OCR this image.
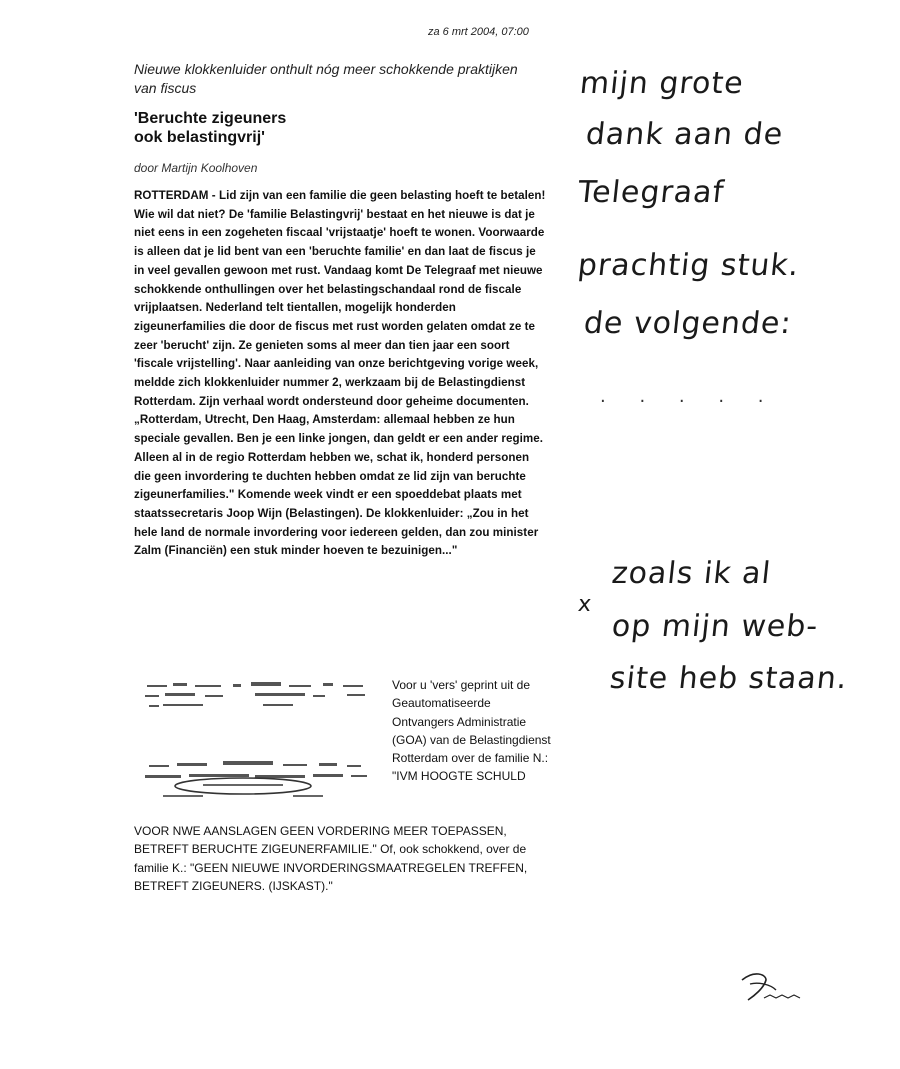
za 6 mrt 2004, 07:00
Nieuwe klokkenluider onthult nóg meer schokkende praktijken van fiscus
'Beruchte zigeuners
ook belastingvrij'
door Martijn Koolhoven
ROTTERDAM - Lid zijn van een familie die geen belasting hoeft te betalen! Wie wil dat niet? De 'familie Belastingvrij' bestaat en het nieuwe is dat je niet eens in een zogeheten fiscaal 'vrijstaatje' hoeft te wonen. Voorwaarde is alleen dat je lid bent van een 'beruchte familie' en dan laat de fiscus je in veel gevallen gewoon met rust. Vandaag komt De Telegraaf met nieuwe schokkende onthullingen over het belastingschandaal rond de fiscale vrijplaatsen. Nederland telt tientallen, mogelijk honderden zigeunerfamilies die door de fiscus met rust worden gelaten omdat ze te zeer 'berucht' zijn. Ze genieten soms al meer dan tien jaar een soort 'fiscale vrijstelling'. Naar aanleiding van onze berichtgeving vorige week, meldde zich klokkenluider nummer 2, werkzaam bij de Belastingdienst Rotterdam. Zijn verhaal wordt ondersteund door geheime documenten. „Rotterdam, Utrecht, Den Haag, Amsterdam: allemaal hebben ze hun speciale gevallen. Ben je een linke jongen, dan geldt er een ander regime. Alleen al in de regio Rotterdam hebben we, schat ik, honderd personen die geen invordering te duchten hebben omdat ze lid zijn van beruchte zigeunerfamilies." Komende week vindt er een spoeddebat plaats met staatssecretaris Joop Wijn (Belastingen). De klokkenluider: „Zou in het hele land de normale invordering voor iedereen gelden, dan zou minister Zalm (Financiën) een stuk minder hoeven te bezuinigen..."
Voor u 'vers' geprint uit de Geautomatiseerde Ontvangers Administratie (GOA) van de Belastingdienst Rotterdam over de familie N.: "IVM HOOGTE SCHULD
VOOR NWE AANSLAGEN GEEN VORDERING MEER TOEPASSEN, BETREFT BERUCHTE ZIGEUNERFAMILIE." Of, ook schokkend, over de familie K.: "GEEN NIEUWE INVORDERINGSMAATREGELEN TREFFEN, BETREFT ZIGEUNERS. (IJSKAST)."
mijn grote
dank aan de
Telegraaf
prachtig stuk.
de volgende:
. . . . .
x
zoals ik al
op mijn web-
site heb staan.
